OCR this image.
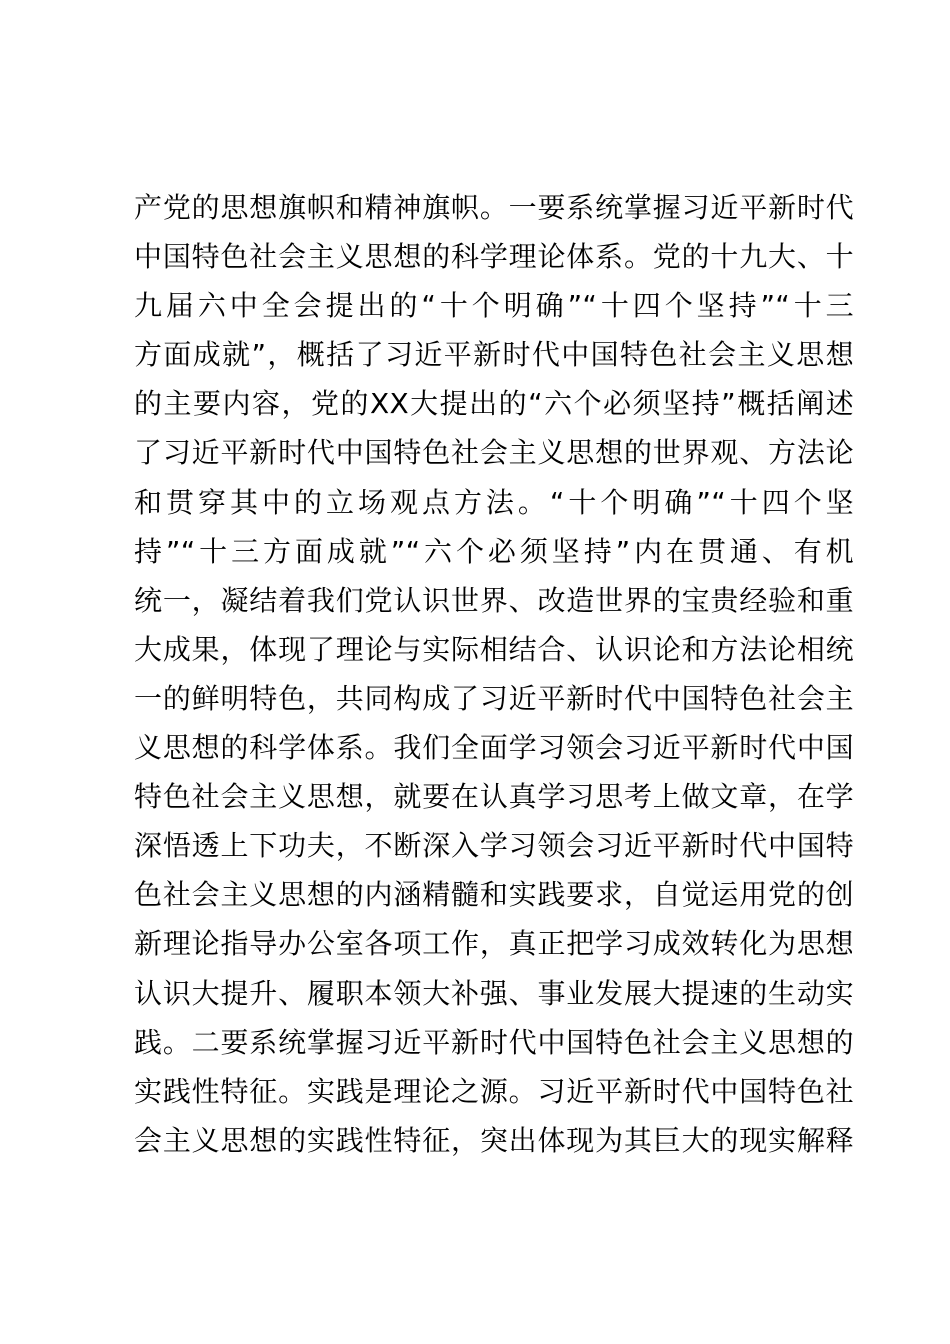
产党的思想旗帜和精神旗帜。一要系统掌握习近平新时代
中国特色社会主义思想的科学理论体系。党的十九大、十
九届六中全会提出的“十个明确”“十四个坚持”“十三
方面成就”，概括了习近平新时代中国特色社会主义思想
的主要内容，党的XX大提出的“六个必须坚持”概括阐述
了习近平新时代中国特色社会主义思想的世界观、方法论
和贯穿其中的立场观点方法。“十个明确”“十四个坚
持”“十三方面成就”“六个必须坚持”内在贯通、有机
统一，凝结着我们党认识世界、改造世界的宝贵经验和重
大成果，体现了理论与实际相结合、认识论和方法论相统
一的鲜明特色，共同构成了习近平新时代中国特色社会主
义思想的科学体系。我们全面学习领会习近平新时代中国
特色社会主义思想，就要在认真学习思考上做文章，在学
深悟透上下功夫，不断深入学习领会习近平新时代中国特
色社会主义思想的内涵精髓和实践要求，自觉运用党的创
新理论指导办公室各项工作，真正把学习成效转化为思想
认识大提升、履职本领大补强、事业发展大提速的生动实
践。二要系统掌握习近平新时代中国特色社会主义思想的
实践性特征。实践是理论之源。习近平新时代中国特色社
会主义思想的实践性特征，突出体现为其巨大的现实解释
